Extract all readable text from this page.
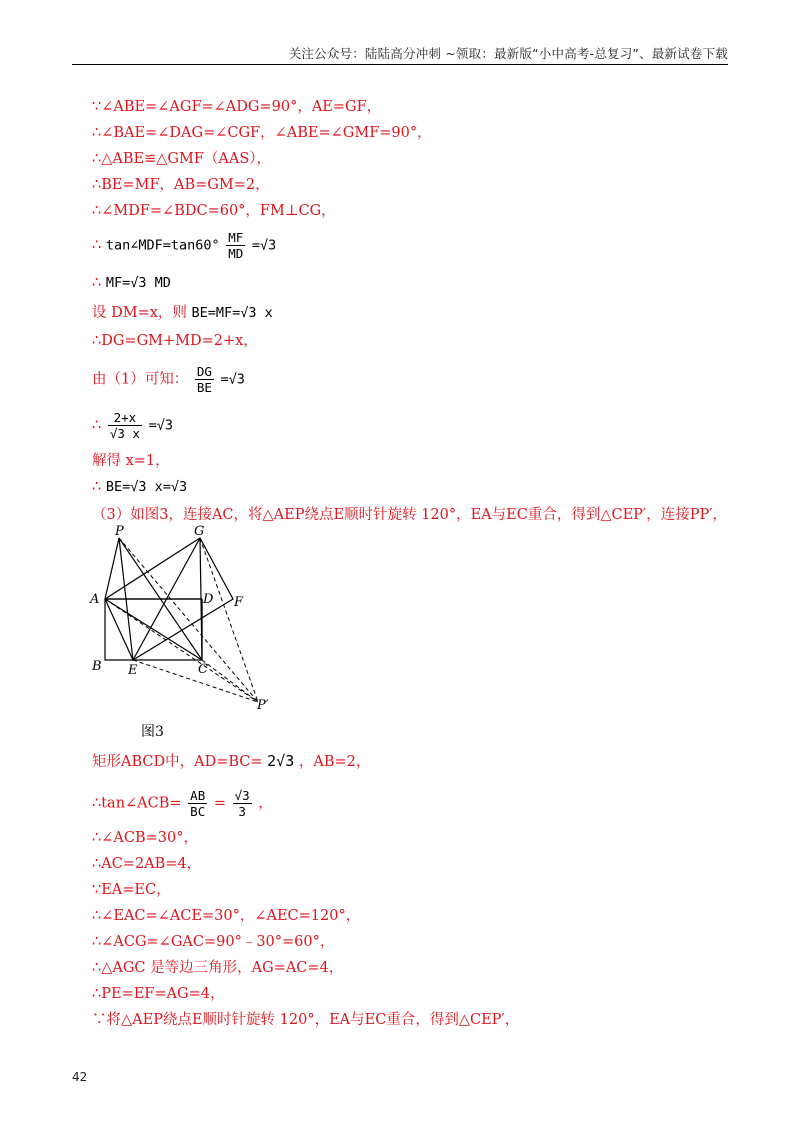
关注公众号：陆陆高分冲刺 ~领取：最新版“小中高考-总复习”、最新试卷下载
∵∠ABE=∠AGF=∠ADG=90°，AE=GF，
∴∠BAE=∠DAG=∠CGF，∠ABE=∠GMF=90°，
∴△ABE≌△GMF（AAS），
∴BE=MF，AB=GM=2，
∴∠MDF=∠BDC=60°，FM⊥CG，
∴ tan∠MDF=tan60° $\frac{MF}{MD} =√3$
∴ MF=√3 MD
设 DM=x，则 BE=MF=√3 x
∴DG=GM+MD=2+x，
由（1）可知： $\frac{DG}{BE} =√3$
∴ $\frac{2+x}{√3 x} =√3$
解得 x=1，
∴ BE=√3 x=√3
（3）如图3，连接AC，将△AEP绕点E顺时针旋转 120°，EA与EC重合，得到△CEP′，连接PP′，
P	G
A	D F
B E	C
P′
图3
矩形ABCD中，AD=BC= 2√3 ，AB=2，
∴tan∠ACB= $\frac{AB}{BC} = \frac{√3}{3}$ ，
∴∠ACB=30°，
∴AC=2AB=4，
∵EA=EC，
∴∠EAC=∠ACE=30°，∠AEC=120°，
∴∠ACG=∠GAC=90°﹣30°=60°，
∴△AGC 是等边三角形，AG=AC=4，
∴PE=EF=AG=4，
∵将△AEP绕点E顺时针旋转 120°，EA与EC重合，得到△CEP′，
42
